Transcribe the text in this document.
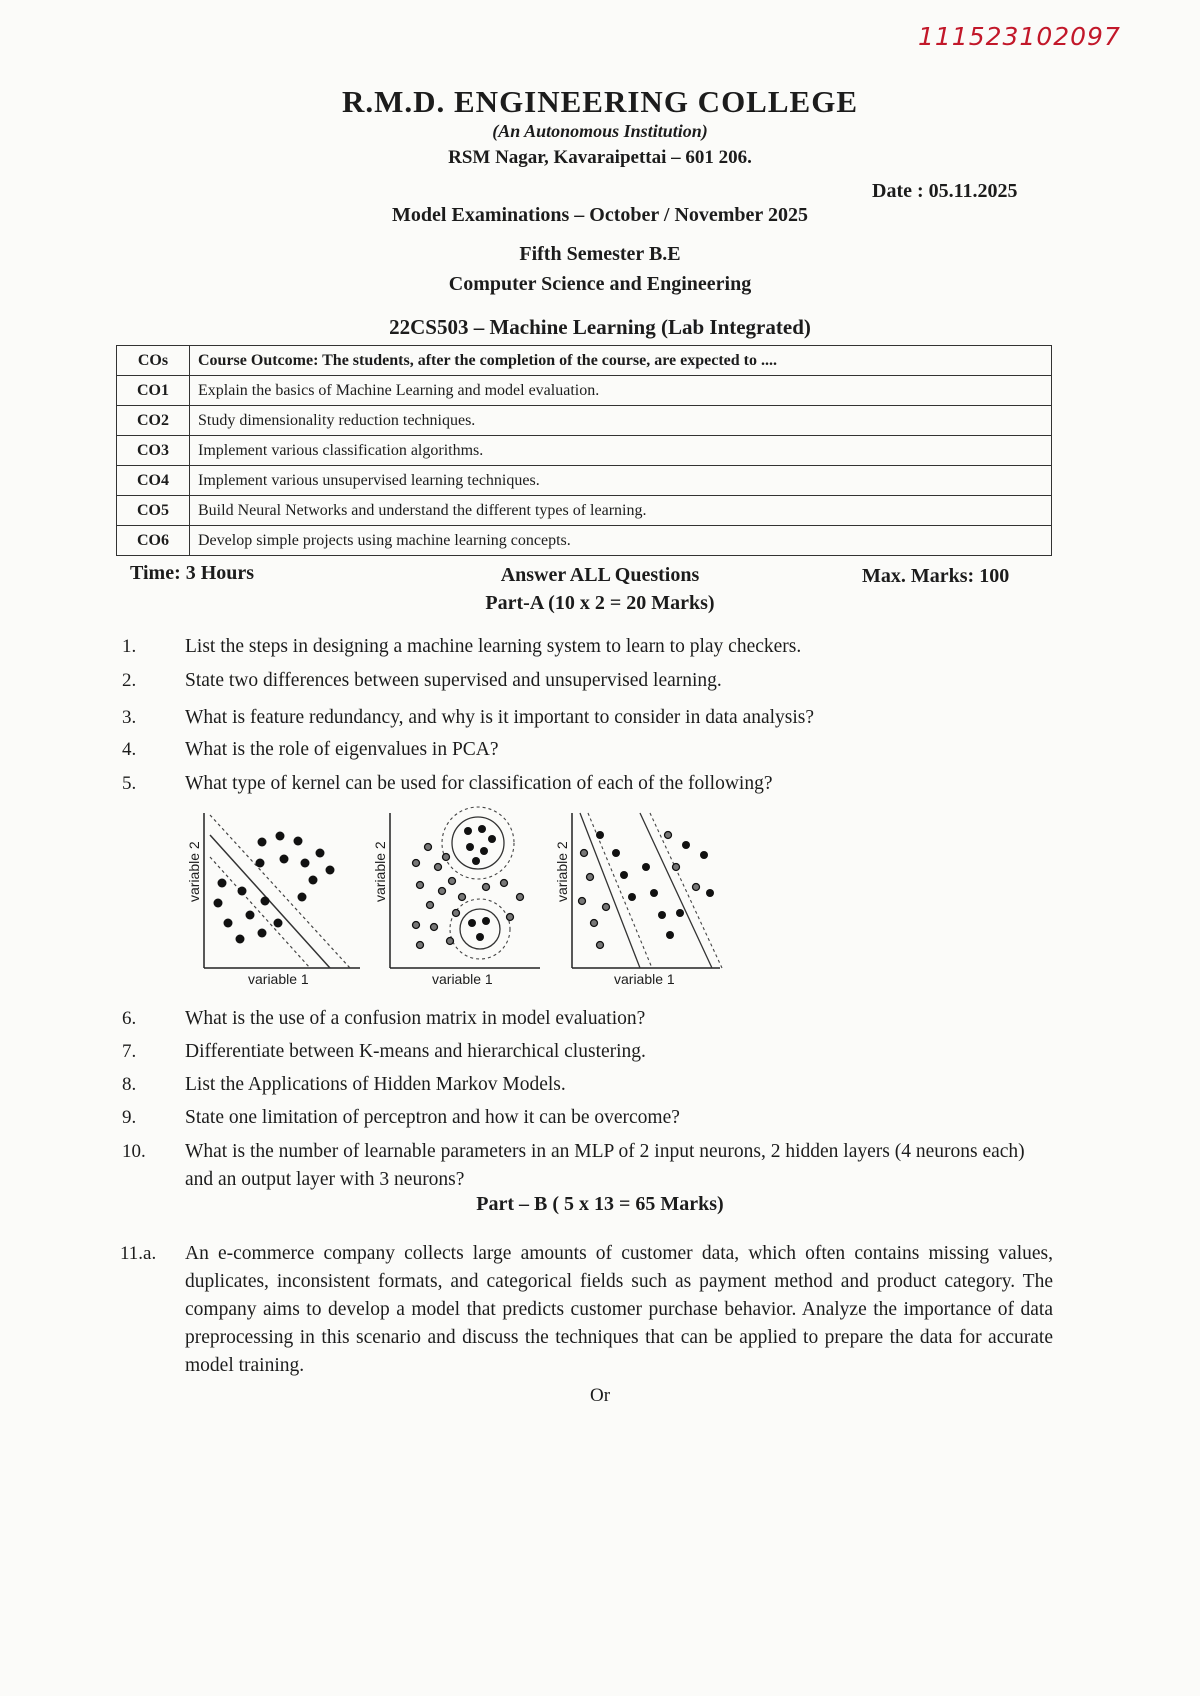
111523102097
R.M.D. ENGINEERING COLLEGE
(An Autonomous Institution)
RSM Nagar, Kavaraipettai – 601 206.
Date : 05.11.2025
Model Examinations – October / November 2025
Fifth Semester B.E
Computer Science and Engineering
22CS503 – Machine Learning (Lab Integrated)
COs	Course Outcome: The students, after the completion of the course, are expected to ....
CO1	Explain the basics of Machine Learning and model evaluation.
CO2	Study dimensionality reduction techniques.
CO3	Implement various classification algorithms.
CO4	Implement various unsupervised learning techniques.
CO5	Build Neural Networks and understand the different types of learning.
CO6	Develop simple projects using machine learning concepts.
Time: 3 Hours	Answer ALL Questions	Max. Marks: 100
Part-A (10 x 2 = 20 Marks)
1.	List the steps in designing a machine learning system to learn to play checkers.
2.	State two differences between supervised and unsupervised learning.
3.	What is feature redundancy, and why is it important to consider in data analysis?
4.	What is the role of eigenvalues in PCA?
5.	What type of kernel can be used for classification of each of the following?
variable 2
variable 1
variable 2
variable 1
variable 2
variable 1
6.	What is the use of a confusion matrix in model evaluation?
7.	Differentiate between K-means and hierarchical clustering.
8.	List the Applications of Hidden Markov Models.
9.	State one limitation of perceptron and how it can be overcome?
10. What is the number of learnable parameters in an MLP of 2 input neurons, 2 hidden layers (4 neurons each) and an output layer with 3 neurons?
Part – B ( 5 x 13 = 65 Marks)
11.a. An e-commerce company collects large amounts of customer data, which often contains missing values, duplicates, inconsistent formats, and categorical fields such as payment method and product category. The company aims to develop a model that predicts customer purchase behavior. Analyze the importance of data preprocessing in this scenario and discuss the techniques that can be applied to prepare the data for accurate model training.
Or
